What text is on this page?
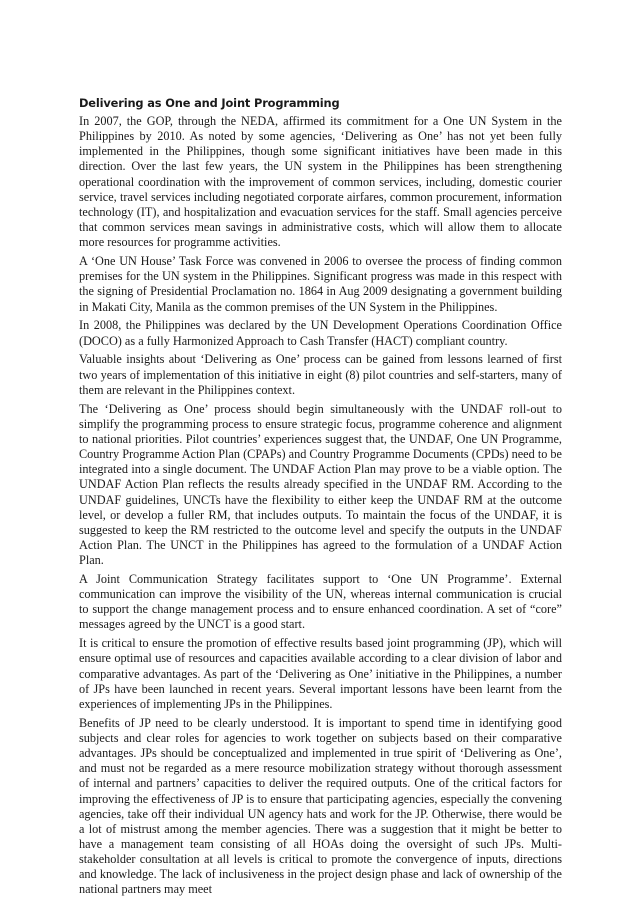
Delivering as One and Joint Programming

In 2007, the GOP, through the NEDA, affirmed its commitment for a One UN System in the Philippines by 2010. As noted by some agencies, ‘Delivering as One’ has not yet been fully implemented in the Philippines, though some significant initiatives have been made in this direction. Over the last few years, the UN system in the Philippines has been strengthening operational coordination with the improvement of common services, including, domestic courier service, travel services including negotiated corporate airfares, common procurement, information technology (IT), and hospitalization and evacuation services for the staff. Small agencies perceive that common services mean savings in administrative costs, which will allow them to allocate more resources for programme activities.

A ‘One UN House’ Task Force was convened in 2006 to oversee the process of finding common premises for the UN system in the Philippines. Significant progress was made in this respect with the signing of Presidential Proclamation no. 1864 in Aug 2009 designating a government building in Makati City, Manila as the common premises of the UN System in the Philippines.

In 2008, the Philippines was declared by the UN Development Operations Coordination Office (DOCO) as a fully Harmonized Approach to Cash Transfer (HACT) compliant country.

Valuable insights about ‘Delivering as One’ process can be gained from lessons learned of first two years of implementation of this initiative in eight (8) pilot countries and self-starters, many of them are relevant in the Philippines context.

The ‘Delivering as One’ process should begin simultaneously with the UNDAF roll-out to simplify the programming process to ensure strategic focus, programme coherence and alignment to national priorities. Pilot countries’ experiences suggest that, the UNDAF, One UN Programme, Country Programme Action Plan (CPAPs) and Country Programme Documents (CPDs) need to be integrated into a single document. The UNDAF Action Plan may prove to be a viable option. The UNDAF Action Plan reflects the results already specified in the UNDAF RM. According to the UNDAF guidelines, UNCTs have the flexibility to either keep the UNDAF RM at the outcome level, or develop a fuller RM, that includes outputs. To maintain the focus of the UNDAF, it is suggested to keep the RM restricted to the outcome level and specify the outputs in the UNDAF Action Plan. The UNCT in the Philippines has agreed to the formulation of a UNDAF Action Plan.

A Joint Communication Strategy facilitates support to ‘One UN Programme’. External communication can improve the visibility of the UN, whereas internal communication is crucial to support the change management process and to ensure enhanced coordination. A set of “core” messages agreed by the UNCT is a good start.

It is critical to ensure the promotion of effective results based joint programming (JP), which will ensure optimal use of resources and capacities available according to a clear division of labor and comparative advantages. As part of the ‘Delivering as One’ initiative in the Philippines, a number of JPs have been launched in recent years. Several important lessons have been learnt from the experiences of implementing JPs in the Philippines.

Benefits of JP need to be clearly understood. It is important to spend time in identifying good subjects and clear roles for agencies to work together on subjects based on their comparative advantages. JPs should be conceptualized and implemented in true spirit of ‘Delivering as One’, and must not be regarded as a mere resource mobilization strategy without thorough assessment of internal and partners’ capacities to deliver the required outputs. One of the critical factors for improving the effectiveness of JP is to ensure that participating agencies, especially the convening agencies, take off their individual UN agency hats and work for the JP. Otherwise, there would be a lot of mistrust among the member agencies. There was a suggestion that it might be better to have a management team consisting of all HOAs doing the oversight of such JPs. Multi-stakeholder consultation at all levels is critical to promote the convergence of inputs, directions and knowledge. The lack of inclusiveness in the project design phase and lack of ownership of the national partners may meet
